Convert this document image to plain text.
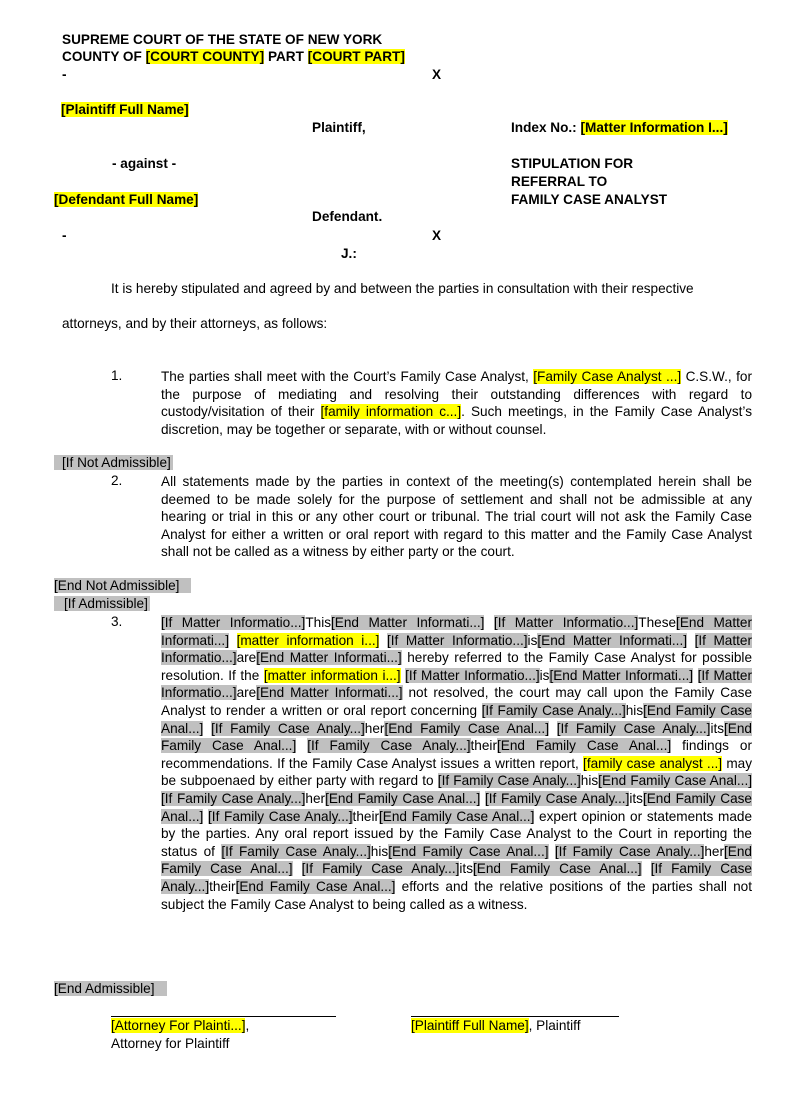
SUPREME COURT OF THE STATE OF NEW YORK
COUNTY OF [COURT COUNTY] PART [COURT PART]
-	X
[Plaintiff Full Name]
Plaintiff,	Index No.: [Matter Information I...]
- against -	STIPULATION FOR
REFERRAL TO
FAMILY CASE ANALYST
[Defendant Full Name]
Defendant.
-	X
J.:
It is hereby stipulated and agreed by and between the parties in consultation with their respective
attorneys, and by their attorneys, as follows:
1.	The parties shall meet with the Court’s Family Case Analyst, [Family Case Analyst ...] C.S.W., for the purpose of mediating and resolving their outstanding differences with regard to custody/visitation of their [family information c...]. Such meetings, in the Family Case Analyst’s discretion, may be together or separate, with or without counsel.
[If Not Admissible]
2.	All statements made by the parties in context of the meeting(s) contemplated herein shall be deemed to be made solely for the purpose of settlement and shall not be admissible at any hearing or trial in this or any other court or tribunal. The trial court will not ask the Family Case Analyst for either a written or oral report with regard to this matter and the Family Case Analyst shall not be called as a witness by either party or the court.
[End Not Admissible]
[If Admissible]
3.	[If Matter Informatio...]This[End Matter Informati...] [If Matter Informatio...]These[End Matter Informati...] [matter information i...] [If Matter Informatio...]is[End Matter Informati...] [If Matter Informatio...]are[End Matter Informati...] hereby referred to the Family Case Analyst for possible resolution. If the [matter information i...] [If Matter Informatio...]is[End Matter Informati...] [If Matter Informatio...]are[End Matter Informati...] not resolved, the court may call upon the Family Case Analyst to render a written or oral report concerning [If Family Case Analy...]his[End Family Case Anal...] [If Family Case Analy...]her[End Family Case Anal...] [If Family Case Analy...]its[End Family Case Anal...] [If Family Case Analy...]their[End Family Case Anal...] findings or recommendations. If the Family Case Analyst issues a written report, [family case analyst ...] may be subpoenaed by either party with regard to [If Family Case Analy...]his[End Family Case Anal...] [If Family Case Analy...]her[End Family Case Anal...] [If Family Case Analy...]its[End Family Case Anal...] [If Family Case Analy...]their[End Family Case Anal...] expert opinion or statements made by the parties. Any oral report issued by the Family Case Analyst to the Court in reporting the status of [If Family Case Analy...]his[End Family Case Anal...] [If Family Case Analy...]her[End Family Case Anal...] [If Family Case Analy...]its[End Family Case Anal...] [If Family Case Analy...]their[End Family Case Anal...] efforts and the relative positions of the parties shall not subject the Family Case Analyst to being called as a witness.
[End Admissible]
[Attorney For Plainti...],
Attorney for Plaintiff
[Plaintiff Full Name], Plaintiff
